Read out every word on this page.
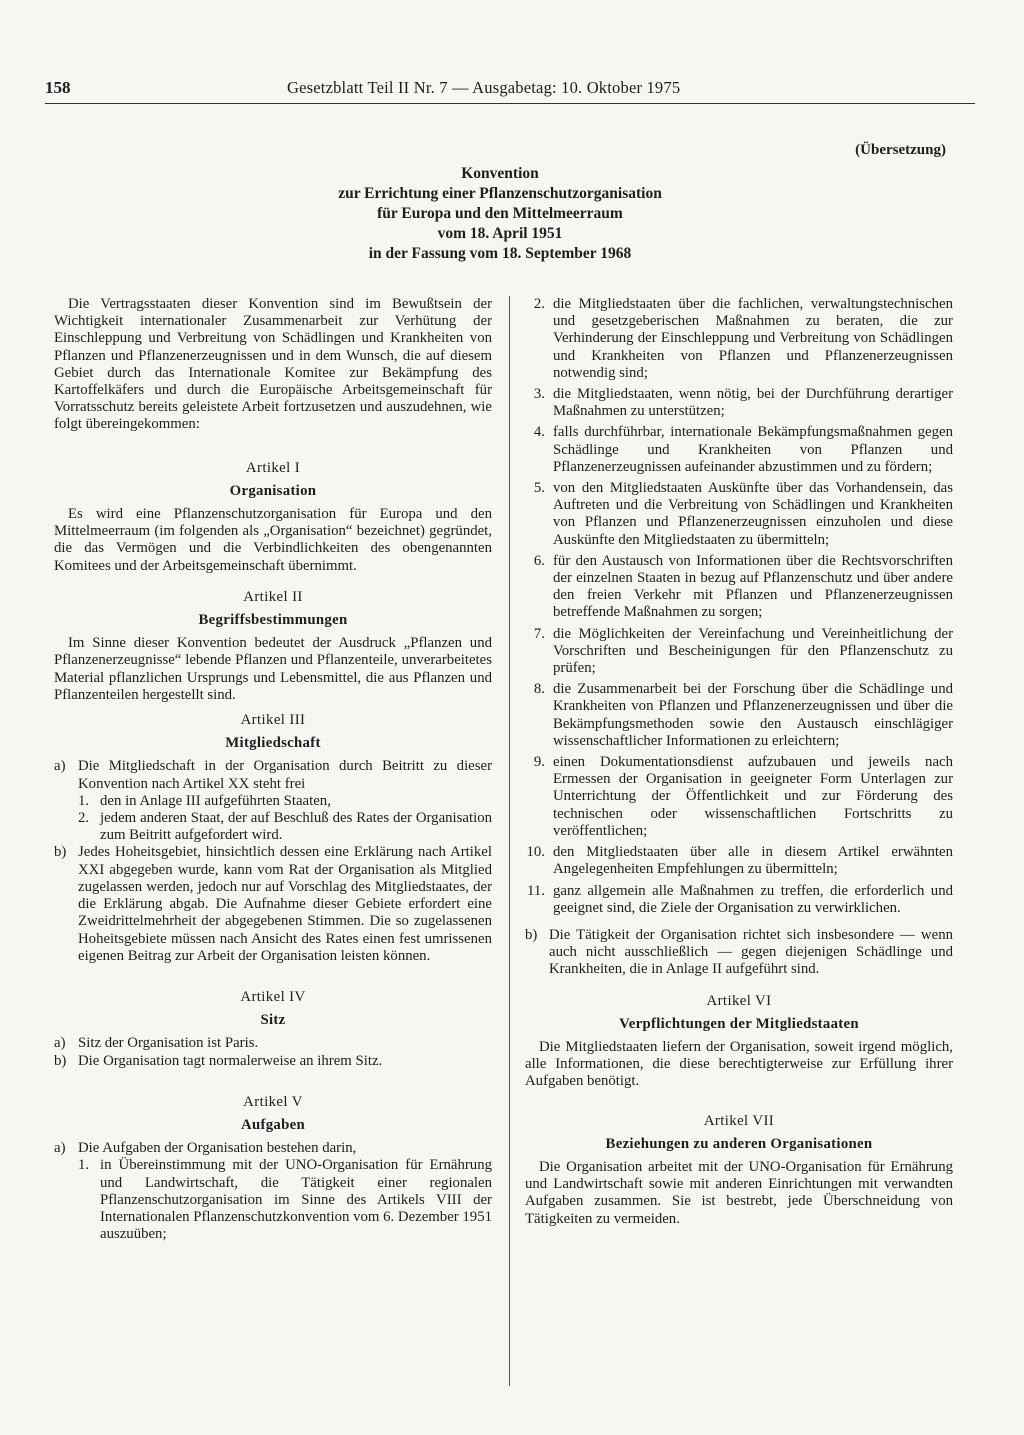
158	Gesetzblatt Teil II Nr. 7 — Ausgabetag: 10. Oktober 1975
(Übersetzung)
Konvention
zur Errichtung einer Pflanzenschutzorganisation
für Europa und den Mittelmeerraum
vom 18. April 1951
in der Fassung vom 18. September 1968

Die Vertragsstaaten dieser Konvention sind im Bewußtsein der Wichtigkeit internationaler Zusammenarbeit zur Verhütung der Einschleppung und Verbreitung von Schädlingen und Krankheiten von Pflanzen und Pflanzenerzeugnissen und in dem Wunsch, die auf diesem Gebiet durch das Internationale Komitee zur Bekämpfung des Kartoffelkäfers und durch die Europäische Arbeitsgemeinschaft für Vorratsschutz bereits geleistete Arbeit fortzusetzen und auszudehnen, wie folgt übereingekommen:

Artikel I
Organisation

Es wird eine Pflanzenschutzorganisation für Europa und den Mittelmeerraum (im folgenden als „Organisation“ bezeichnet) gegründet, die das Vermögen und die Verbindlichkeiten des obengenannten Komitees und der Arbeitsgemeinschaft übernimmt.

Artikel II
Begriffsbestimmungen

Im Sinne dieser Konvention bedeutet der Ausdruck „Pflanzen und Pflanzenerzeugnisse“ lebende Pflanzen und Pflanzenteile, unverarbeitetes Material pflanzlichen Ursprungs und Lebensmittel, die aus Pflanzen und Pflanzenteilen hergestellt sind.

Artikel III
Mitgliedschaft
a) Die Mitgliedschaft in der Organisation durch Beitritt zu dieser Konvention nach Artikel XX steht frei
1. den in Anlage III aufgeführten Staaten,
2. jedem anderen Staat, der auf Beschluß des Rates der Organisation zum Beitritt aufgefordert wird.
b) Jedes Hoheitsgebiet, hinsichtlich dessen eine Erklärung nach Artikel XXI abgegeben wurde, kann vom Rat der Organisation als Mitglied zugelassen werden, jedoch nur auf Vorschlag des Mitgliedstaates, der die Erklärung abgab. Die Aufnahme dieser Gebiete erfordert eine Zweidrittelmehrheit der abgegebenen Stimmen. Die so zugelassenen Hoheitsgebiete müssen nach Ansicht des Rates einen fest umrissenen eigenen Beitrag zur Arbeit der Organisation leisten können.
Artikel IV
Sitz
a) Sitz der Organisation ist Paris.
b) Die Organisation tagt normalerweise an ihrem Sitz.
Artikel V
Aufgaben
a) Die Aufgaben der Organisation bestehen darin,
1. in Übereinstimmung mit der UNO-Organisation für Ernährung und Landwirtschaft, die Tätigkeit einer regionalen Pflanzenschutzorganisation im Sinne des Artikels VIII der Internationalen Pflanzenschutzkonvention vom 6. Dezember 1951 auszuüben;
2. die Mitgliedstaaten über die fachlichen, verwaltungstechnischen und gesetzgeberischen Maßnahmen zu beraten, die zur Verhinderung der Einschleppung und Verbreitung von Schädlingen und Krankheiten von Pflanzen und Pflanzenerzeugnissen notwendig sind;
3. die Mitgliedstaaten, wenn nötig, bei der Durchführung derartiger Maßnahmen zu unterstützen;
4. falls durchführbar, internationale Bekämpfungsmaßnahmen gegen Schädlinge und Krankheiten von Pflanzen und Pflanzenerzeugnissen aufeinander abzustimmen und zu fördern;
5. von den Mitgliedstaaten Auskünfte über das Vorhandensein, das Auftreten und die Verbreitung von Schädlingen und Krankheiten von Pflanzen und Pflanzenerzeugnissen einzuholen und diese Auskünfte den Mitgliedstaaten zu übermitteln;
6. für den Austausch von Informationen über die Rechtsvorschriften der einzelnen Staaten in bezug auf Pflanzenschutz und über andere den freien Verkehr mit Pflanzen und Pflanzenerzeugnissen betreffende Maßnahmen zu sorgen;
7. die Möglichkeiten der Vereinfachung und Vereinheitlichung der Vorschriften und Bescheinigungen für den Pflanzenschutz zu prüfen;
8. die Zusammenarbeit bei der Forschung über die Schädlinge und Krankheiten von Pflanzen und Pflanzenerzeugnissen und über die Bekämpfungsmethoden sowie den Austausch einschlägiger wissenschaftlicher Informationen zu erleichtern;
9. einen Dokumentationsdienst aufzubauen und jeweils nach Ermessen der Organisation in geeigneter Form Unterlagen zur Unterrichtung der Öffentlichkeit und zur Förderung des technischen oder wissenschaftlichen Fortschritts zu veröffentlichen;
10. den Mitgliedstaaten über alle in diesem Artikel erwähnten Angelegenheiten Empfehlungen zu übermitteln;
11. ganz allgemein alle Maßnahmen zu treffen, die erforderlich und geeignet sind, die Ziele der Organisation zu verwirklichen.
b) Die Tätigkeit der Organisation richtet sich insbesondere — wenn auch nicht ausschließlich — gegen diejenigen Schädlinge und Krankheiten, die in Anlage II aufgeführt sind.
Artikel VI
Verpflichtungen der Mitgliedstaaten

Die Mitgliedstaaten liefern der Organisation, soweit irgend möglich, alle Informationen, die diese berechtigterweise zur Erfüllung ihrer Aufgaben benötigt.

Artikel VII
Beziehungen zu anderen Organisationen

Die Organisation arbeitet mit der UNO-Organisation für Ernährung und Landwirtschaft sowie mit anderen Einrichtungen mit verwandten Aufgaben zusammen. Sie ist bestrebt, jede Überschneidung von Tätigkeiten zu vermeiden.
